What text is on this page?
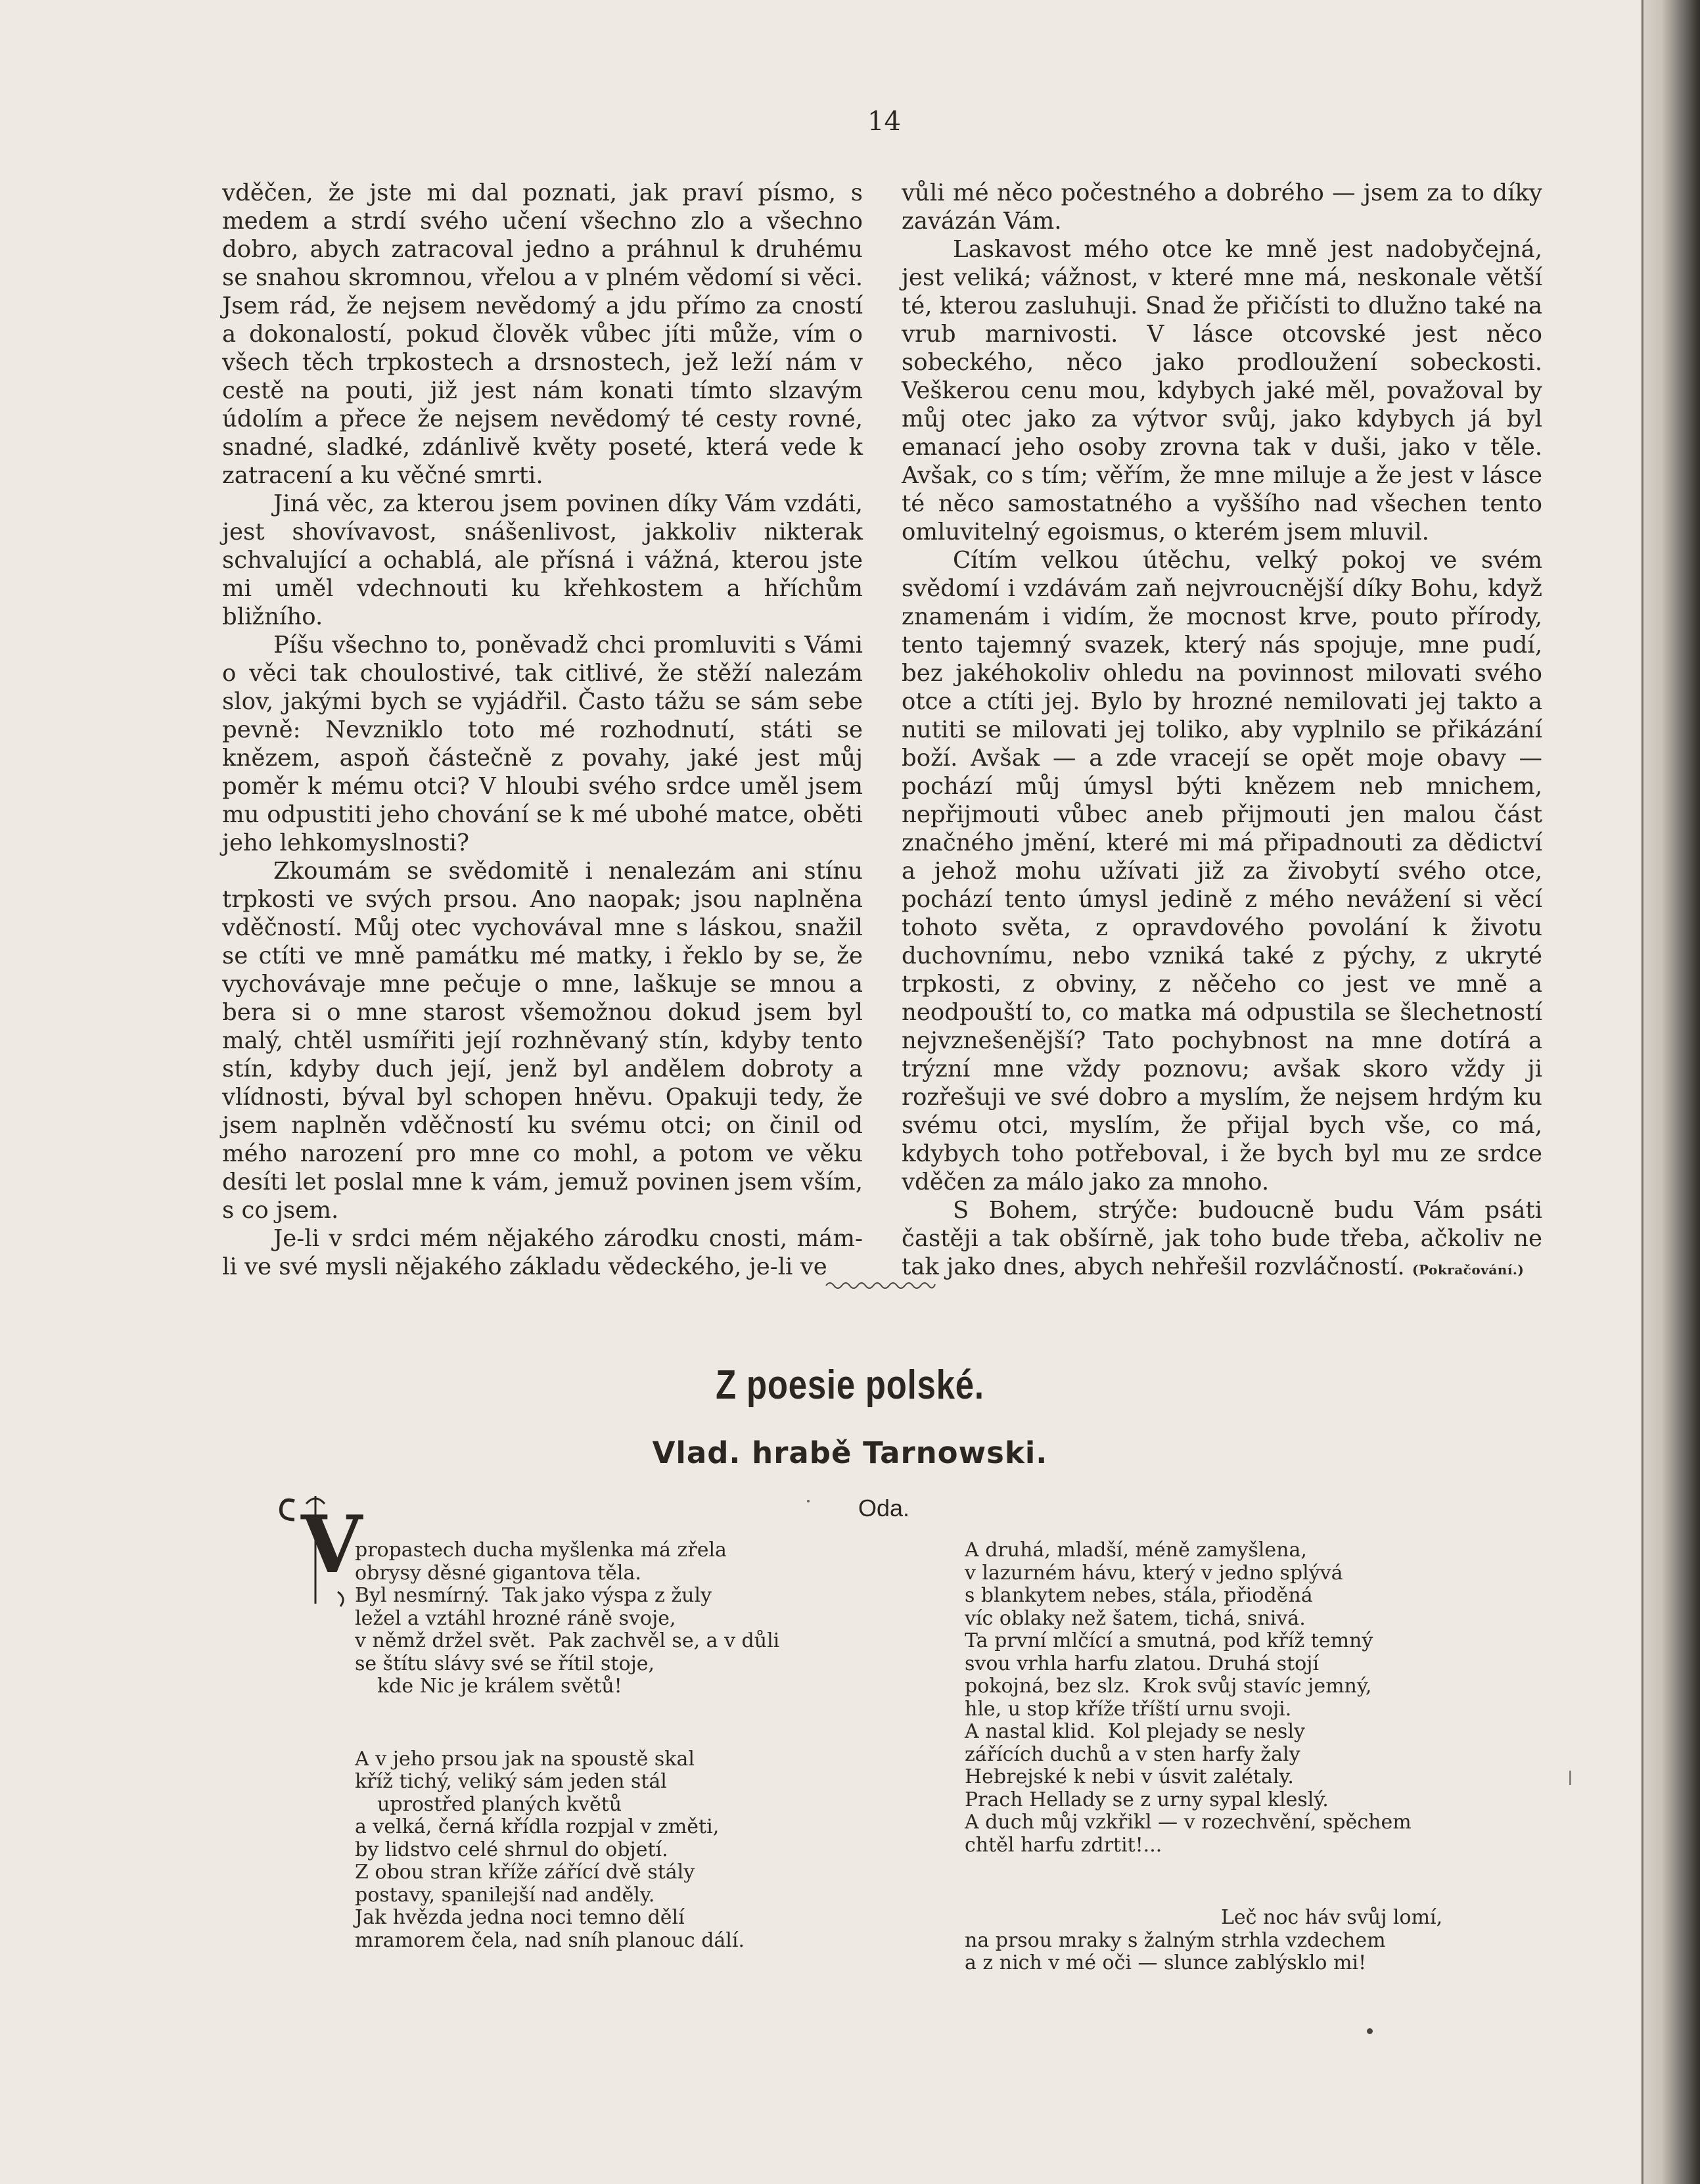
14

vděčen, že jste mi dal poznati, jak praví písmo, s medem a strdí svého učení všechno zlo a všechno dobro, abych zatracoval jedno a práhnul k druhému se snahou skromnou, vřelou a v plném vědomí si věci. Jsem rád, že nejsem nevědomý a jdu přímo za cností a dokonalostí, pokud člověk vůbec jíti může, vím o všech těch trpkostech a drsnostech, jež leží nám v cestě na pouti, již jest nám konati tímto slzavým údolím a přece že nejsem nevědomý té cesty rovné, snadné, sladké, zdánlivě květy poseté, která vede k zatracení a ku věčné smrti.

Jiná věc, za kterou jsem povinen díky Vám vzdáti, jest shovívavost, snášenlivost, jakkoliv nikterak schvalující a ochablá, ale přísná i vážná, kterou jste mi uměl vdechnouti ku křehkostem a hříchům bližního.

Píšu všechno to, poněvadž chci promluviti s Vámi o věci tak choulostivé, tak citlivé, že stěží nalezám slov, jakými bych se vyjádřil. Často tážu se sám sebe pevně: Nevzniklo toto mé rozhodnutí, státi se knězem, aspoň částečně z povahy, jaké jest můj poměr k mému otci? V hloubi svého srdce uměl jsem mu odpustiti jeho chování se k mé ubohé matce, oběti jeho lehkomyslnosti?

Zkoumám se svědomitě i nenalezám ani stínu trpkosti ve svých prsou. Ano naopak; jsou naplněna vděčností. Můj otec vychovával mne s láskou, snažil se ctíti ve mně památku mé matky, i řeklo by se, že vychovávaje mne pečuje o mne, laškuje se mnou a bera si o mne starost všemožnou dokud jsem byl malý, chtěl usmířiti její rozhněvaný stín, kdyby tento stín, kdyby duch její, jenž byl andělem dobroty a vlídnosti, býval byl schopen hněvu. Opakuji tedy, že jsem naplněn vděčností ku svému otci; on činil od mého narození pro mne co mohl, a potom ve věku desíti let poslal mne k vám, jemuž povinen jsem vším, s co jsem.

Je-li v srdci mém nějakého zárodku cnosti, mám-li ve své mysli nějakého základu vědeckého, je-li ve

vůli mé něco počestného a dobrého — jsem za to díky zavázán Vám.

Laskavost mého otce ke mně jest nadobyčejná, jest veliká; vážnost, v které mne má, neskonale větší té, kterou zasluhuji. Snad že přičísti to dlužno také na vrub marnivosti. V lásce otcovské jest něco sobeckého, něco jako prodloužení sobeckosti. Veškerou cenu mou, kdybych jaké měl, považoval by můj otec jako za výtvor svůj, jako kdybych já byl emanací jeho osoby zrovna tak v duši, jako v těle. Avšak, co s tím; věřím, že mne miluje a že jest v lásce té něco samostatného a vyššího nad všechen tento omluvitelný egoismus, o kterém jsem mluvil.

Cítím velkou útěchu, velký pokoj ve svém svědomí i vzdávám zaň nejvroucnější díky Bohu, když znamenám i vidím, že mocnost krve, pouto přírody, tento tajemný svazek, který nás spojuje, mne pudí, bez jakéhokoliv ohledu na povinnost milovati svého otce a ctíti jej. Bylo by hrozné nemilovati jej takto a nutiti se milovati jej toliko, aby vyplnilo se přikázání boží. Avšak — a zde vracejí se opět moje obavy — pochází můj úmysl býti knězem neb mnichem, nepřijmouti vůbec aneb přijmouti jen malou část značného jmění, které mi má připadnouti za dědictví a jehož mohu užívati již za živobytí svého otce, pochází tento úmysl jedině z mého nevážení si věcí tohoto světa, z opravdového povolání k životu duchovnímu, nebo vzniká také z pýchy, z ukryté trpkosti, z obviny, z něčeho co jest ve mně a neodpouští to, co matka má odpustila se šlechetností nejvznešenější? Tato pochybnost na mne dotírá a trýzní mne vždy poznovu; avšak skoro vždy ji rozřešuji ve své dobro a myslím, že nejsem hrdým ku svému otci, myslím, že přijal bych vše, co má, kdybych toho potřeboval, i že bych byl mu ze srdce vděčen za málo jako za mnoho.

S Bohem, strýče: budoucně budu Vám psáti častěji a tak obšírně, jak toho bude třeba, ačkoliv ne tak jako dnes, abych nehřešil rozvláčností. (Pokračování.)

Z poesie polské.
Vlad. hrabě Tarnowski.
Oda.
V
propastech ducha myšlenka má zřela
obrysy děsné gigantova těla.
Byl nesmírný.  Tak jako výspa z žuly
ležel a vztáhl hrozné ráně svoje,
v němž držel svět.  Pak zachvěl se, a v důli
se štítu slávy své se řítil stoje,
kde Nic je králem světů!
A v jeho prsou jak na spoustě skal
kříž tichý, veliký sám jeden stál
uprostřed planých květů
a velká, černá křídla rozpjal v změti,
by lidstvo celé shrnul do objetí.
Z obou stran kříže zářící dvě stály
postavy, spanilejší nad anděly.
Jak hvězda jedna noci temno dělí
mramorem čela, nad sníh planouc dálí.
A druhá, mladší, méně zamyšlena,
v lazurném hávu, který v jedno splývá
s blankytem nebes, stála, přioděná
víc oblaky než šatem, tichá, snivá.
Ta první mlčící a smutná, pod kříž temný
svou vrhla harfu zlatou. Druhá stojí
pokojná, bez slz.  Krok svůj stavíc jemný,
hle, u stop kříže tříští urnu svoji.
A nastal klid.  Kol plejady se nesly
zářících duchů a v sten harfy žaly
Hebrejské k nebi v úsvit zalétaly.
Prach Hellady se z urny sypal kleslý.
A duch můj vzkřikl — v rozechvění, spěchem
chtěl harfu zdrtit!...
Leč noc háv svůj lomí,
na prsou mraky s žalným strhla vzdechem
a z nich v mé oči — slunce zablýsklo mi!
